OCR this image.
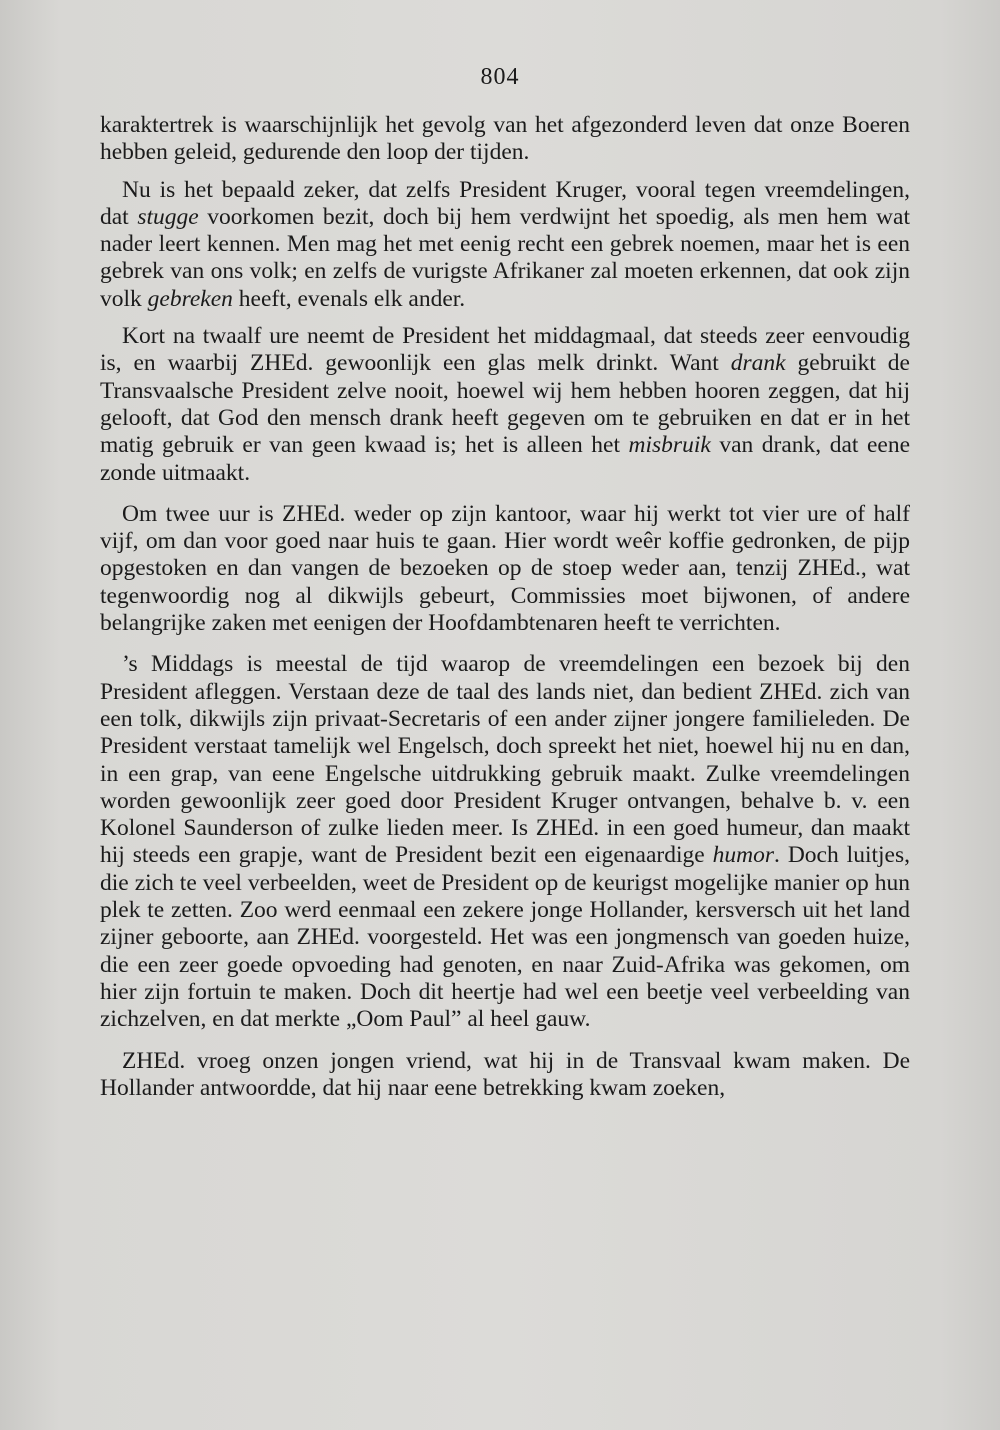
804

karaktertrek is waarschijnlijk het gevolg van het afgezonderd leven dat onze Boeren hebben geleid, gedurende den loop der tijden.

Nu is het bepaald zeker, dat zelfs President Kruger, vooral tegen vreemdelingen, dat stugge voorkomen bezit, doch bij hem verdwijnt het spoedig, als men hem wat nader leert kennen. Men mag het met eenig recht een gebrek noemen, maar het is een gebrek van ons volk; en zelfs de vurigste Afrikaner zal moeten erkennen, dat ook zijn volk gebreken heeft, evenals elk ander.

Kort na twaalf ure neemt de President het middagmaal, dat steeds zeer eenvoudig is, en waarbij ZHEd. gewoonlijk een glas melk drinkt. Want drank gebruikt de Transvaalsche President zelve nooit, hoewel wij hem hebben hooren zeggen, dat hij gelooft, dat God den mensch drank heeft gegeven om te gebruiken en dat er in het matig gebruik er van geen kwaad is; het is alleen het misbruik van drank, dat eene zonde uitmaakt.

Om twee uur is ZHEd. weder op zijn kantoor, waar hij werkt tot vier ure of half vijf, om dan voor goed naar huis te gaan. Hier wordt weêr koffie gedronken, de pijp opgestoken en dan vangen de bezoeken op de stoep weder aan, tenzij ZHEd., wat tegenwoordig nog al dikwijls gebeurt, Commissies moet bijwonen, of andere belangrijke zaken met eenigen der Hoofdambtenaren heeft te verrichten.

’s Middags is meestal de tijd waarop de vreemdelingen een bezoek bij den President afleggen. Verstaan deze de taal des lands niet, dan bedient ZHEd. zich van een tolk, dikwijls zijn privaat-Secretaris of een ander zijner jongere familieleden. De President verstaat tamelijk wel Engelsch, doch spreekt het niet, hoewel hij nu en dan, in een grap, van eene Engelsche uitdrukking gebruik maakt. Zulke vreemdelingen worden gewoonlijk zeer goed door President Kruger ontvangen, behalve b. v. een Kolonel Saunderson of zulke lieden meer. Is ZHEd. in een goed humeur, dan maakt hij steeds een grapje, want de President bezit een eigenaardige humor. Doch luitjes, die zich te veel verbeelden, weet de President op de keurigst mogelijke manier op hun plek te zetten. Zoo werd eenmaal een zekere jonge Hollander, kersversch uit het land zijner geboorte, aan ZHEd. voorgesteld. Het was een jongmensch van goeden huize, die een zeer goede opvoeding had genoten, en naar Zuid-Afrika was gekomen, om hier zijn fortuin te maken. Doch dit heertje had wel een beetje veel verbeelding van zichzelven, en dat merkte „Oom Paul” al heel gauw.

ZHEd. vroeg onzen jongen vriend, wat hij in de Transvaal kwam maken. De Hollander antwoordde, dat hij naar eene betrekking kwam zoeken,
